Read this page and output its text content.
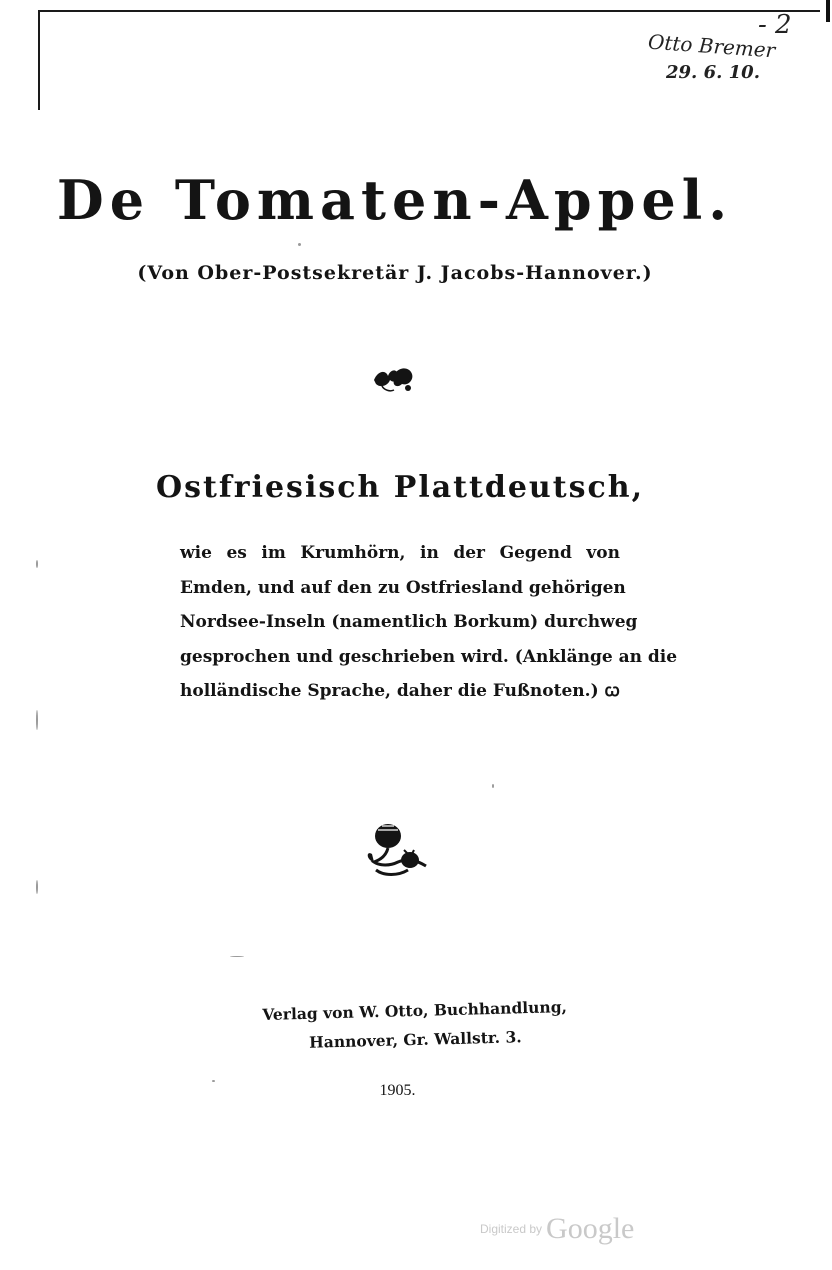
Otto Bremer
29. 6. 10.
- 2
De Tomaten-Appel.
(Von Ober-Postsekretär J. Jacobs-Hannover.)
Ostfriesisch Plattdeutsch,
wie es im Krumhörn, in der Gegend von
Emden, und auf den zu Ostfriesland gehörigen
Nordsee-Inseln (namentlich Borkum) durchweg
gesprochen und geschrieben wird. (Anklänge an die
holländische Sprache, daher die Fußnoten.) ꞷ
Verlag von W. Otto, Buchhandlung,
Hannover, Gr. Wallstr. 3.
1905.
Digitized by Google
